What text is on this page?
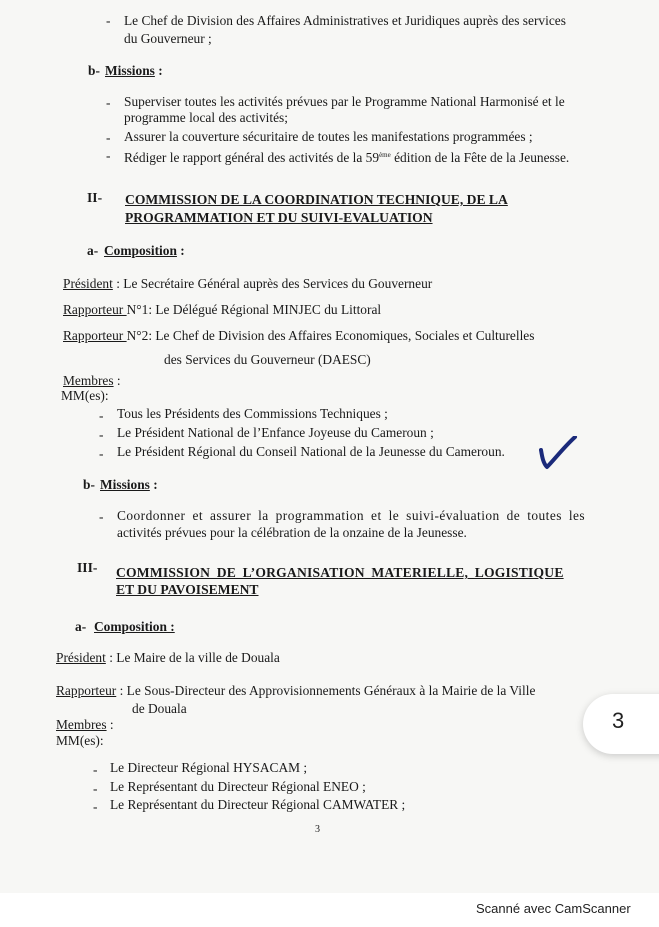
- Le Chef de Division des Affaires Administratives et Juridiques auprès des services
du Gouverneur ;
b- Missions :
- Superviser toutes les activités prévues par le Programme National Harmonisé et le
programme local des activités;
- Assurer la couverture sécuritaire de toutes les manifestations programmées ;
- Rédiger le rapport général des activités de la 59ème édition de la Fête de la Jeunesse.
II- COMMISSION DE LA COORDINATION TECHNIQUE, DE LA
PROGRAMMATION ET DU SUIVI-EVALUATION
a- Composition :
Président : Le Secrétaire Général auprès des Services du Gouverneur
Rapporteur N°1: Le Délégué Régional MINJEC du Littoral
Rapporteur N°2: Le Chef de Division des Affaires Economiques, Sociales et Culturelles
des Services du Gouverneur (DAESC)
Membres :
MM(es):
- Tous les Présidents des Commissions Techniques ;
- Le Président National de l’Enfance Joyeuse du Cameroun ;
- Le Président Régional du Conseil National de la Jeunesse du Cameroun.
b- Missions :
- Coordonner et assurer la programmation et le suivi-évaluation de toutes les
activités prévues pour la célébration de la onzaine de la Jeunesse.
III- COMMISSION DE L’ORGANISATION MATERIELLE, LOGISTIQUE
ET DU PAVOISEMENT
a- Composition :
Président : Le Maire de la ville de Douala
Rapporteur : Le Sous-Directeur des Approvisionnements Généraux à la Mairie de la Ville
de Douala
Membres :
MM(es):
- Le Directeur Régional HYSACAM ;
- Le Représentant du Directeur Régional ENEO ;
- Le Représentant du Directeur Régional CAMWATER ;
3
3
Scanné avec CamScanner
